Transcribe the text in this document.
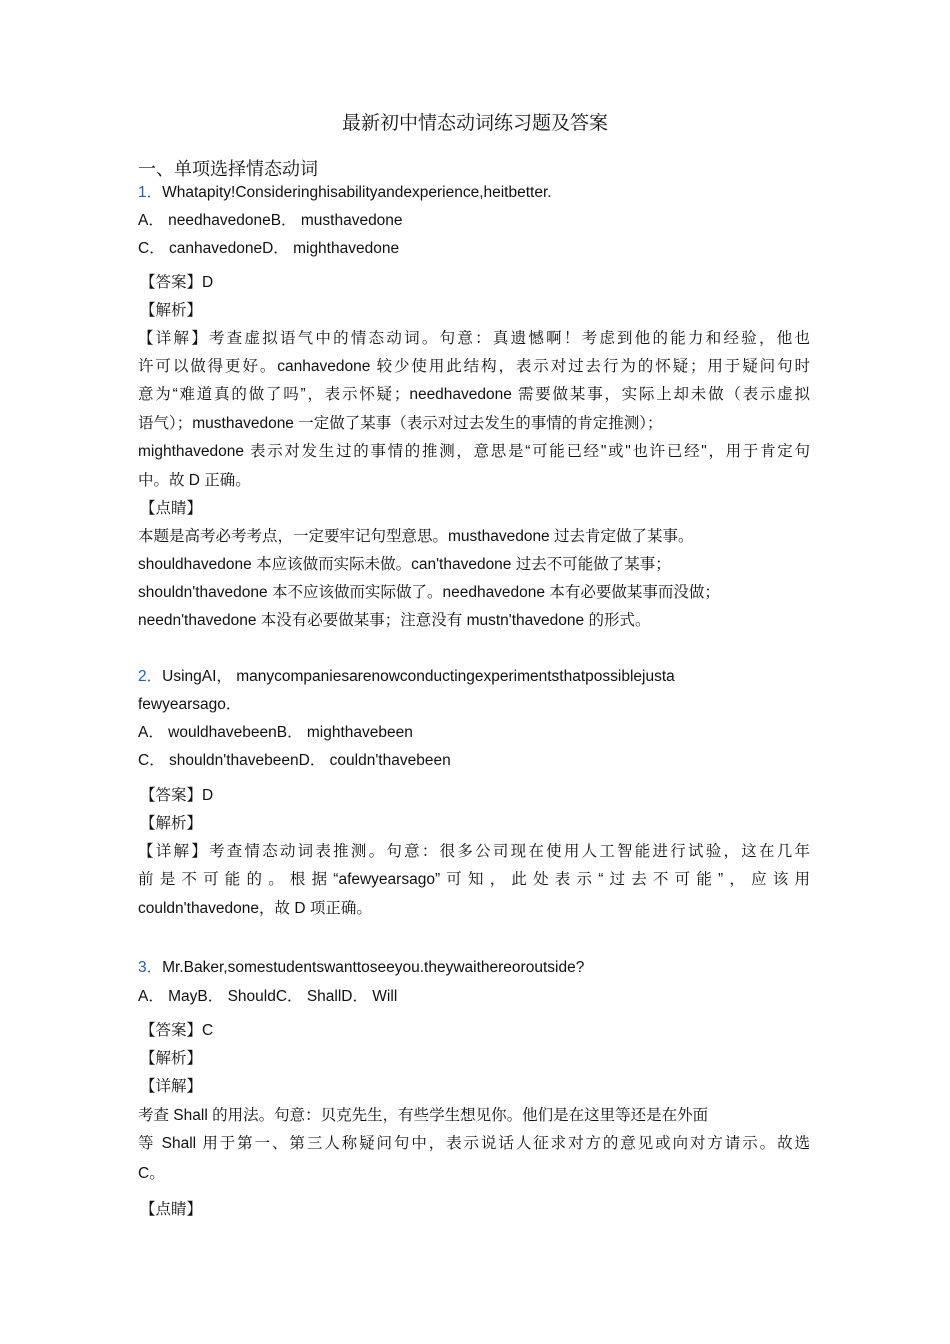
最新初中情态动词练习题及答案
一、单项选择情态动词
1．Whatapity!Consideringhisabilityandexperience,heitbetter.
A． needhavedoneB． musthavedone
C． canhavedoneD． mighthavedone
【答案】D
【解析】
【详解】考查虚拟语气中的情态动词。句意：真遗憾啊！考虑到他的能力和经验，他也
许可以做得更好。canhavedone 较少使用此结构，表示对过去行为的怀疑；用于疑问句时
意为“难道真的做了吗”，表示怀疑；needhavedone 需要做某事，实际上却未做（表示虚拟
语气）；musthavedone 一定做了某事（表示对过去发生的事情的肯定推测）；
mighthavedone 表示对发生过的事情的推测，意思是“可能已经"或"也许已经"，用于肯定句
中。故 D 正确。
【点睛】
本题是高考必考考点，一定要牢记句型意思。musthavedone 过去肯定做了某事。
shouldhavedone 本应该做而实际未做。can'thavedone 过去不可能做了某事；
shouldn'thavedone 本不应该做而实际做了。needhavedone 本有必要做某事而没做；
needn'thavedone 本没有必要做某事；注意没有 mustn'thavedone 的形式。
2．UsingAI， manycompaniesarenowconductingexperimentsthatpossiblejusta
fewyearsago．
A． wouldhavebeenB． mighthavebeen
C． shouldn'thavebeenD． couldn'thavebeen
【答案】D
【解析】
【详解】考查情态动词表推测。句意：很多公司现在使用人工智能进行试验，这在几年
前是不可能的。根据“afewyearsago”可知，此处表示“过去不可能”，应该用
couldn'thavedone，故 D 项正确。
3．Mr.Baker,somestudentswanttoseeyou.theywaithereoroutside?
A． MayB． ShouldC． ShallD． Will
【答案】C
【解析】
【详解】
考查 Shall 的用法。句意：贝克先生，有些学生想见你。他们是在这里等还是在外面
等 Shall 用于第一、第三人称疑问句中，表示说话人征求对方的意见或向对方请示。故选
C。
【点睛】
